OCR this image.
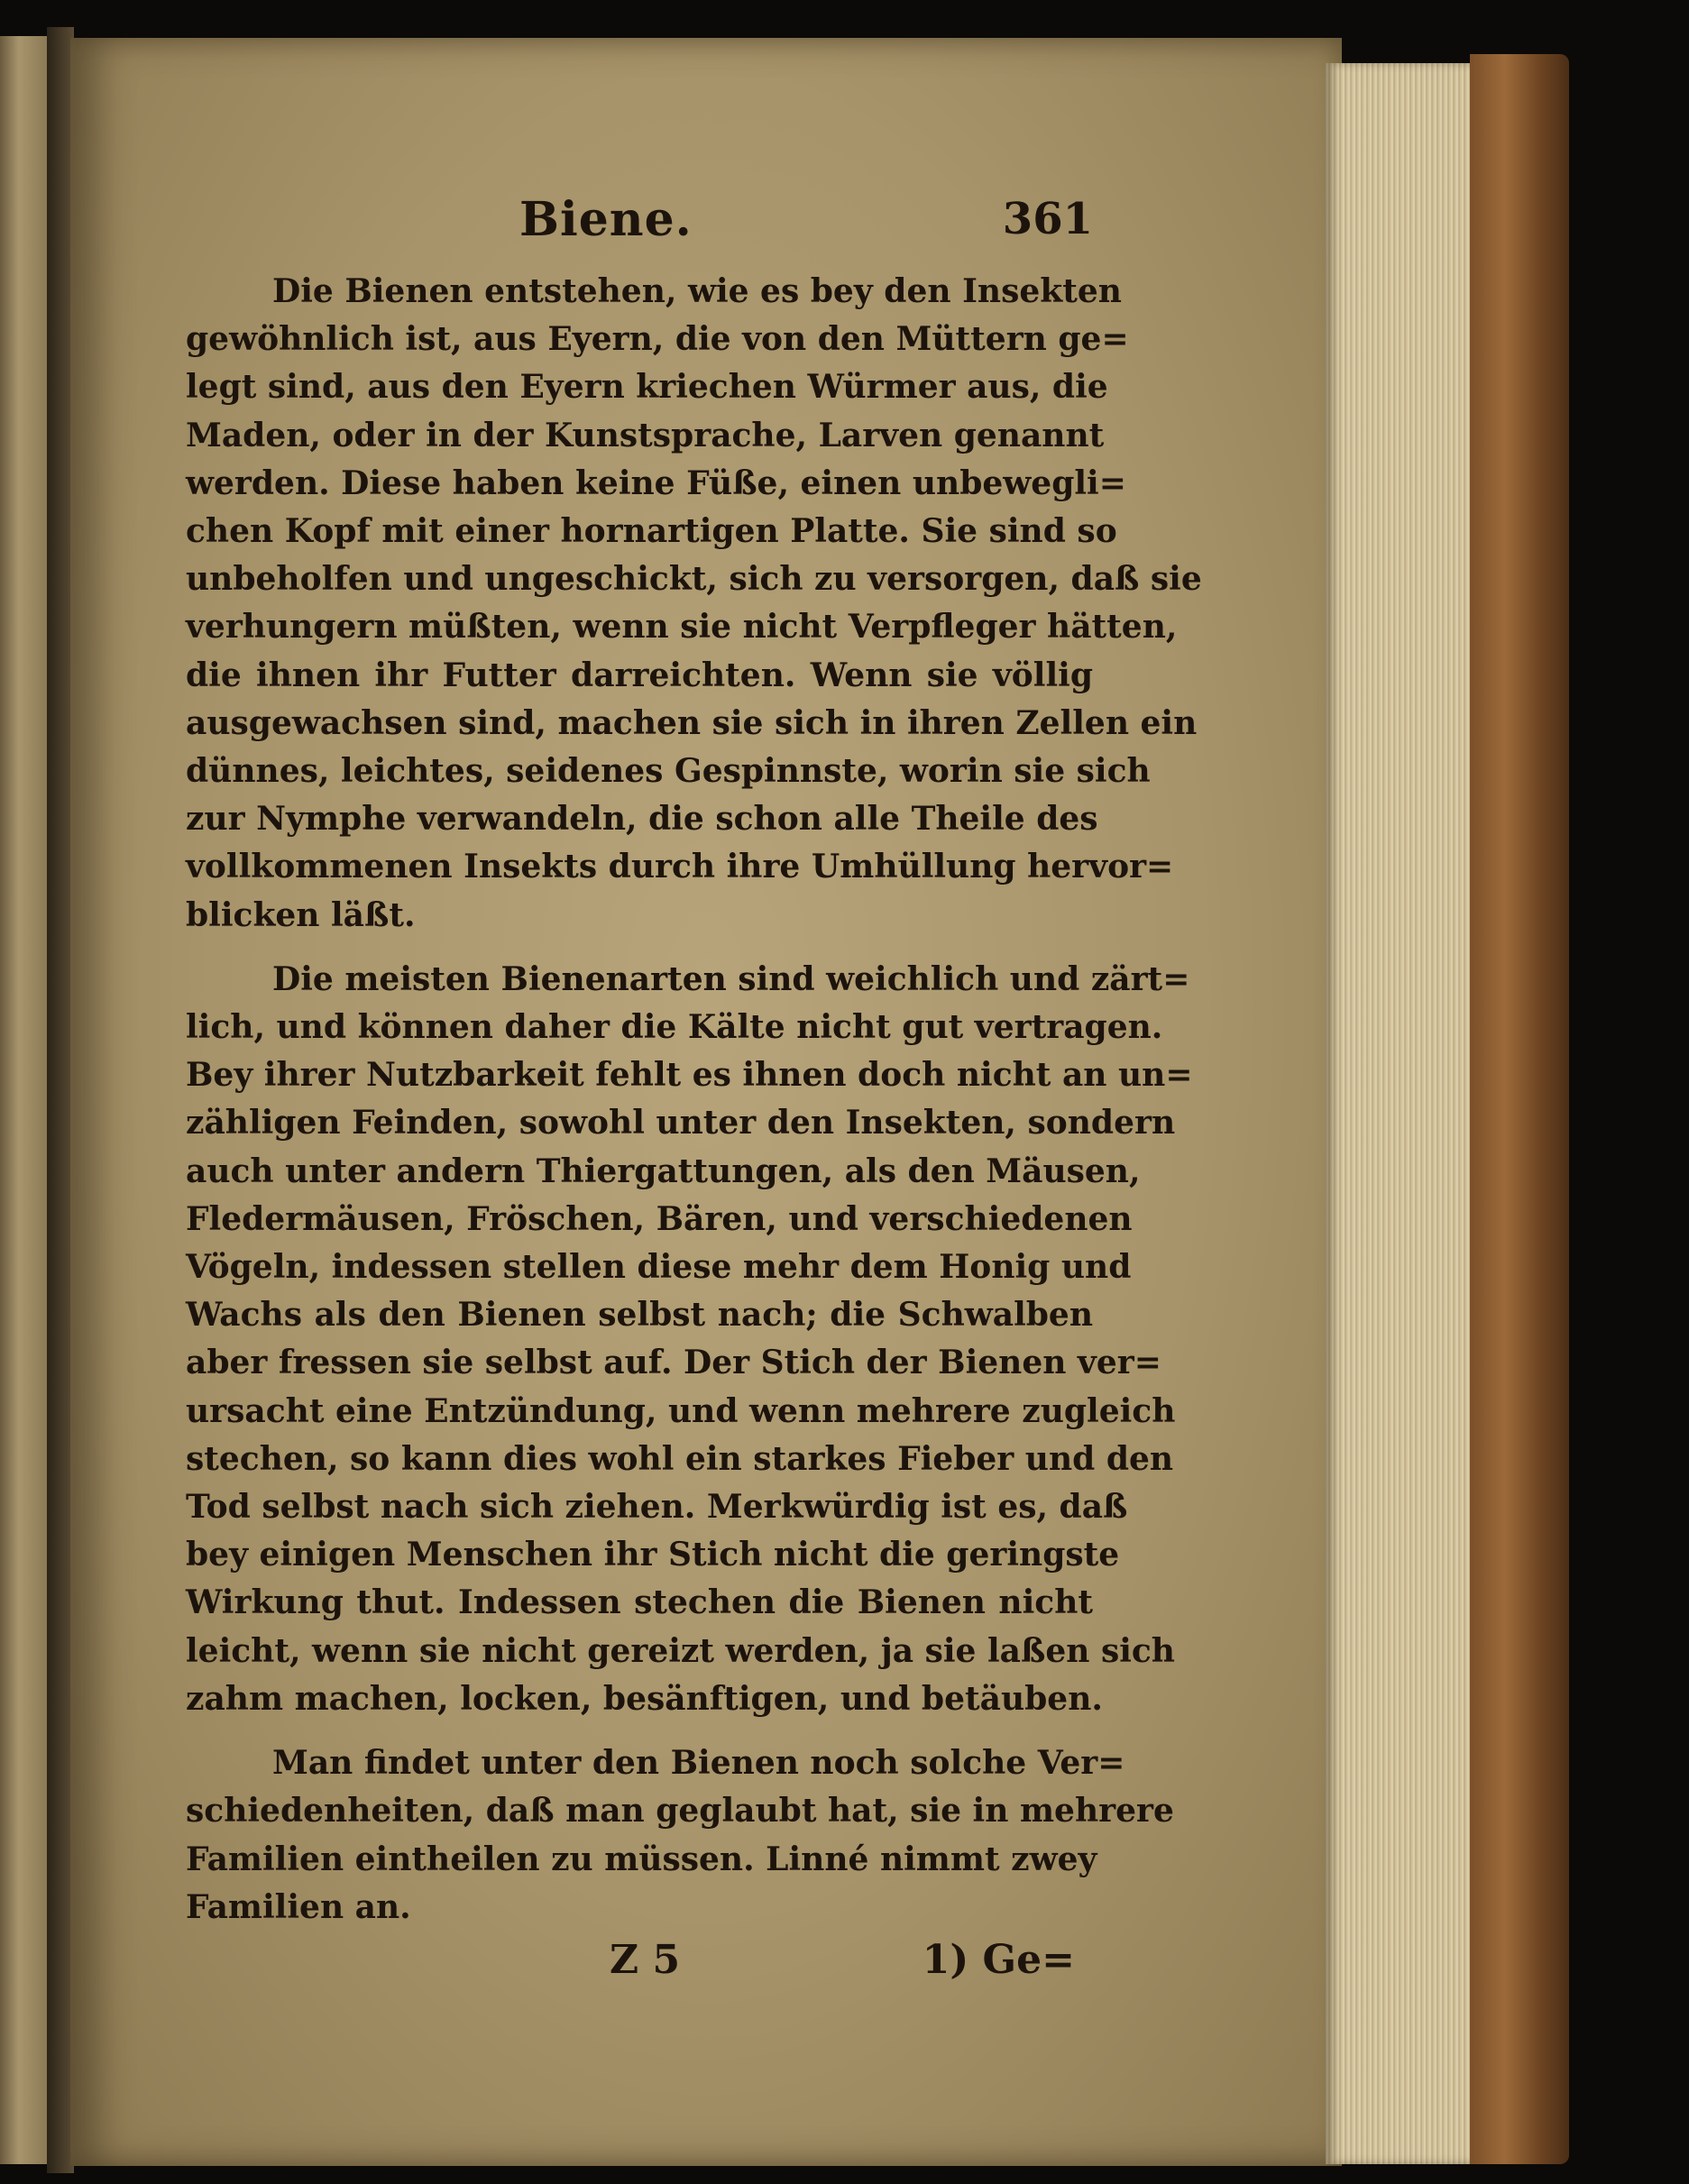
Biene.	361

Die Bienen entstehen, wie es bey den Insekten
gewöhnlich ist, aus Eyern, die von den Müttern ge=
legt sind, aus den Eyern kriechen Würmer aus, die
Maden, oder in der Kunstsprache, Larven genannt
werden. Diese haben keine Füße, einen unbewegli=
chen Kopf mit einer hornartigen Platte. Sie sind so
unbeholfen und ungeschickt, sich zu versorgen, daß sie
verhungern müßten, wenn sie nicht Verpfleger hätten,
die ihnen ihr Futter darreichten. Wenn sie völlig
ausgewachsen sind, machen sie sich in ihren Zellen ein
dünnes, leichtes, seidenes Gespinnste, worin sie sich
zur Nymphe verwandeln, die schon alle Theile des
vollkommenen Insekts durch ihre Umhüllung hervor=
blicken läßt.

Die meisten Bienenarten sind weichlich und zärt=
lich, und können daher die Kälte nicht gut vertragen.
Bey ihrer Nutzbarkeit fehlt es ihnen doch nicht an un=
zähligen Feinden, sowohl unter den Insekten, sondern
auch unter andern Thiergattungen, als den Mäusen,
Fledermäusen, Fröschen, Bären, und verschiedenen
Vögeln, indessen stellen diese mehr dem Honig und
Wachs als den Bienen selbst nach; die Schwalben
aber fressen sie selbst auf. Der Stich der Bienen ver=
ursacht eine Entzündung, und wenn mehrere zugleich
stechen, so kann dies wohl ein starkes Fieber und den
Tod selbst nach sich ziehen. Merkwürdig ist es, daß
bey einigen Menschen ihr Stich nicht die geringste
Wirkung thut. Indessen stechen die Bienen nicht
leicht, wenn sie nicht gereizt werden, ja sie laßen sich
zahm machen, locken, besänftigen, und betäuben.

Man findet unter den Bienen noch solche Ver=
schiedenheiten, daß man geglaubt hat, sie in mehrere
Familien eintheilen zu müssen. Linné nimmt zwey
Familien an.

Z 5	1) Ge=
